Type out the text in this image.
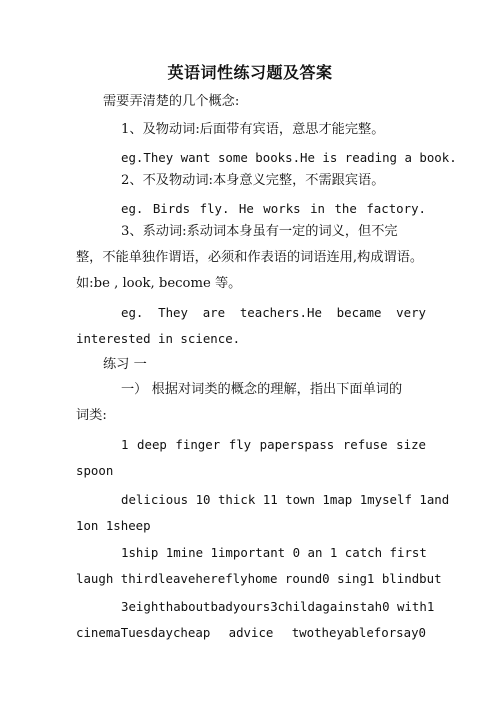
英语词性练习题及答案
需要弄清楚的几个概念:
1、及物动词:后面带有宾语，意思才能完整。
eg.They want some books.He is reading a book.
2、不及物动词:本身意义完整，不需跟宾语。
eg. Birds fly. He works in the factory.
3、系动词:系动词本身虽有一定的词义，但不完
整，不能单独作谓语，必须和作表语的词语连用,构成谓语。
如:be , look, become 等。
eg. They are teachers.He became very
interested in science.
练习 一
一） 根据对词类的概念的理解，指出下面单词的
词类:
1 deep finger fly paperspass refuse size
spoon
delicious 10 thick 11 town 1map 1myself 1and
1on 1sheep
1ship 1mine 1important 0 an 1 catch first
laugh thirdleavehereflyhome round0 sing1 blindbut
3eighthaboutbadyours3childagainstah0 with1
cinemaTuesdaycheap advice twotheyableforsay0
